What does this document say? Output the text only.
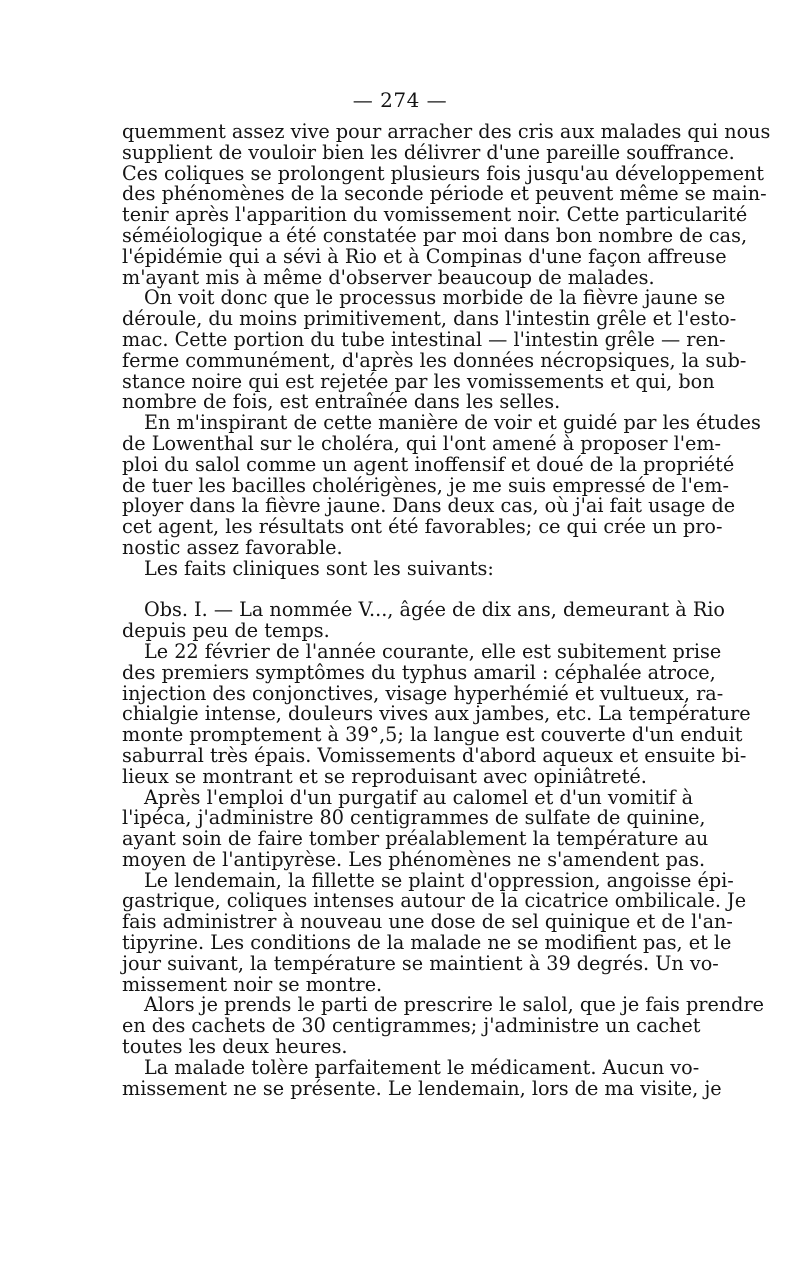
— 274 —
quemment assez vive pour arracher des cris aux malades qui nous
supplient de vouloir bien les délivrer d'une pareille souffrance.
Ces coliques se prolongent plusieurs fois jusqu'au développement
des phénomènes de la seconde période et peuvent même se main-
tenir après l'apparition du vomissement noir. Cette particularité
séméiologique a été constatée par moi dans bon nombre de cas,
l'épidémie qui a sévi à Rio et à Compinas d'une façon affreuse
m'ayant mis à même d'observer beaucoup de malades.
On voit donc que le processus morbide de la fièvre jaune se
déroule, du moins primitivement, dans l'intestin grêle et l'esto-
mac. Cette portion du tube intestinal — l'intestin grêle — ren-
ferme communément, d'après les données nécropsiques, la sub-
stance noire qui est rejetée par les vomissements et qui, bon
nombre de fois, est entraînée dans les selles.
En m'inspirant de cette manière de voir et guidé par les études
de Lowenthal sur le choléra, qui l'ont amené à proposer l'em-
ploi du salol comme un agent inoffensif et doué de la propriété
de tuer les bacilles cholérigènes, je me suis empressé de l'em-
ployer dans la fièvre jaune. Dans deux cas, où j'ai fait usage de
cet agent, les résultats ont été favorables; ce qui crée un pro-
nostic assez favorable.
Les faits cliniques sont les suivants:
Obs. I. — La nommée V..., âgée de dix ans, demeurant à Rio
depuis peu de temps.
Le 22 février de l'année courante, elle est subitement prise
des premiers symptômes du typhus amaril : céphalée atroce,
injection des conjonctives, visage hyperhémié et vultueux, ra-
chialgie intense, douleurs vives aux jambes, etc. La température
monte promptement à 39°,5; la langue est couverte d'un enduit
saburral très épais. Vomissements d'abord aqueux et ensuite bi-
lieux se montrant et se reproduisant avec opiniâtreté.
Après l'emploi d'un purgatif au calomel et d'un vomitif à
l'ipéca, j'administre 80 centigrammes de sulfate de quinine,
ayant soin de faire tomber préalablement la température au
moyen de l'antipyrèse. Les phénomènes ne s'amendent pas.
Le lendemain, la fillette se plaint d'oppression, angoisse épi-
gastrique, coliques intenses autour de la cicatrice ombilicale. Je
fais administrer à nouveau une dose de sel quinique et de l'an-
tipyrine. Les conditions de la malade ne se modifient pas, et le
jour suivant, la température se maintient à 39 degrés. Un vo-
missement noir se montre.
Alors je prends le parti de prescrire le salol, que je fais prendre
en des cachets de 30 centigrammes; j'administre un cachet
toutes les deux heures.
La malade tolère parfaitement le médicament. Aucun vo-
missement ne se présente. Le lendemain, lors de ma visite, je
